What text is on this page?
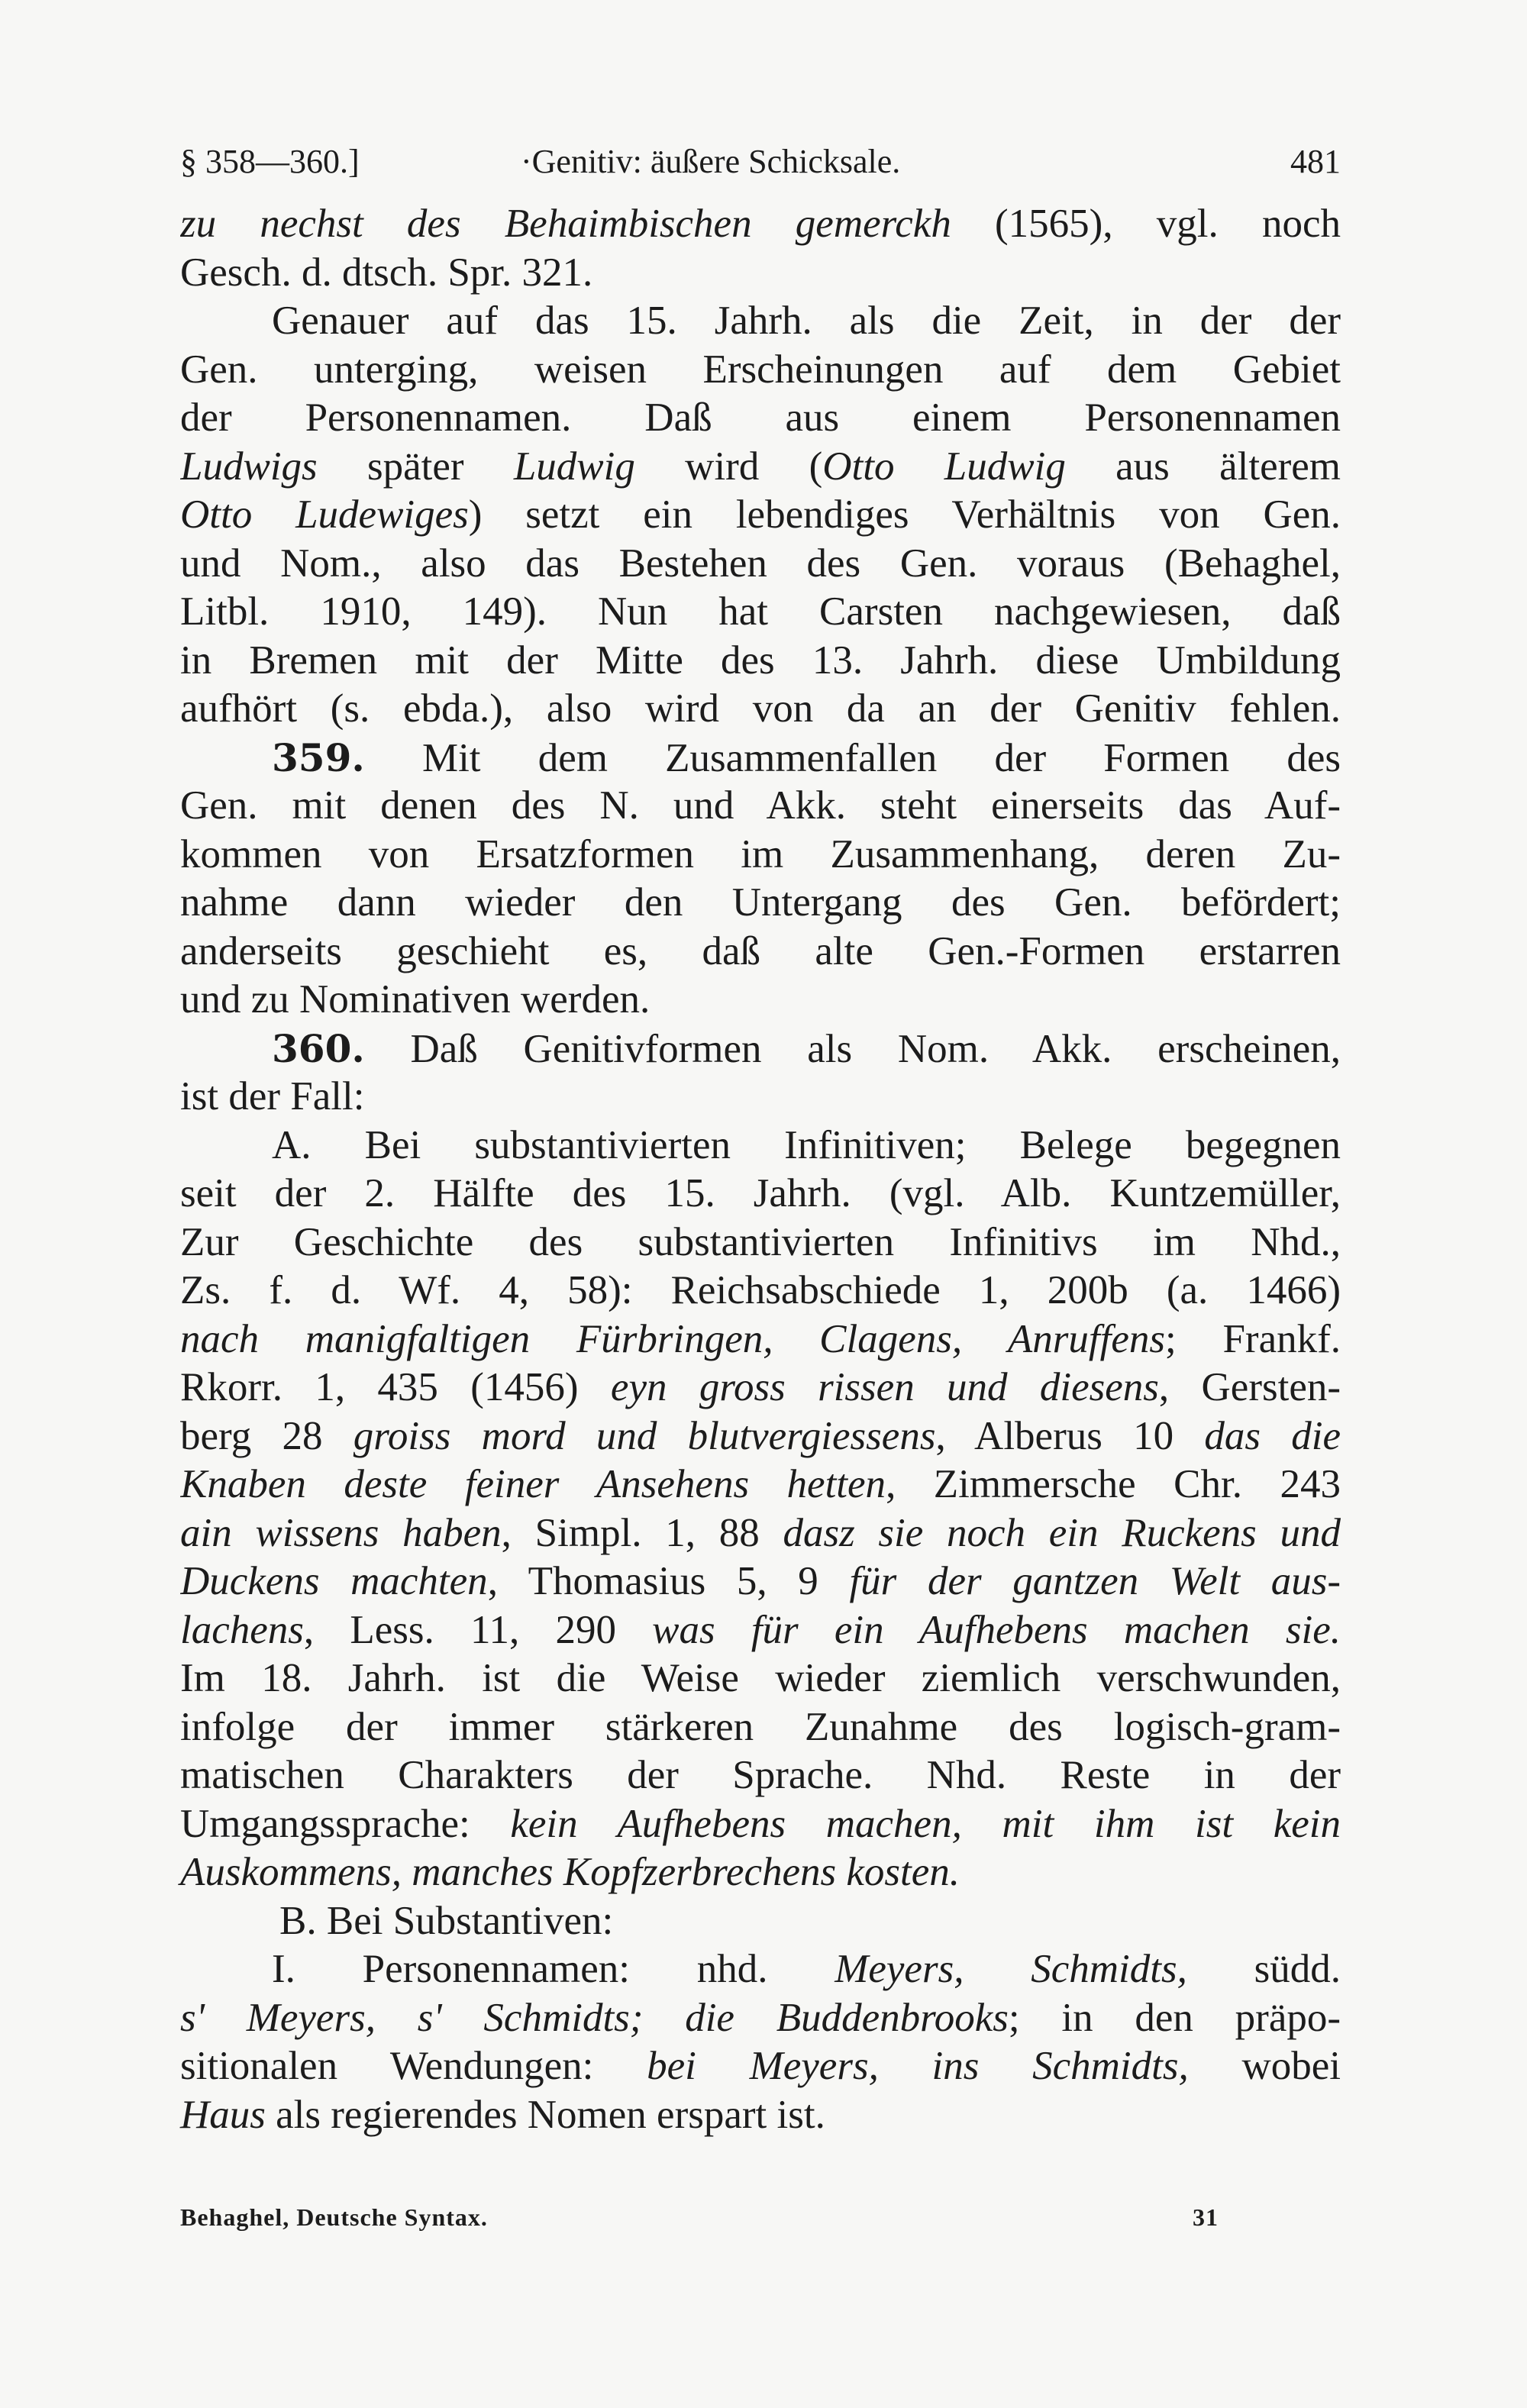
§ 358—360.]	·Genitiv: äußere Schicksale.	481
zu nechst des Behaimbischen gemerckh (1565), vgl. noch
Gesch. d. dtsch. Spr. 321.
Genauer auf das 15. Jahrh. als die Zeit, in der der
Gen. unterging, weisen Erscheinungen auf dem Gebiet
der Personennamen. Daß aus einem Personennamen
Ludwigs später Ludwig wird (Otto Ludwig aus älterem
Otto Ludewiges) setzt ein lebendiges Verhältnis von Gen.
und Nom., also das Bestehen des Gen. voraus (Behaghel,
Litbl. 1910, 149). Nun hat Carsten nachgewiesen, daß
in Bremen mit der Mitte des 13. Jahrh. diese Umbildung
aufhört (s. ebda.), also wird von da an der Genitiv fehlen.
359. Mit dem Zusammenfallen der Formen des
Gen. mit denen des N. und Akk. steht einerseits das Auf-
kommen von Ersatzformen im Zusammenhang, deren Zu-
nahme dann wieder den Untergang des Gen. befördert;
anderseits geschieht es, daß alte Gen.-Formen erstarren
und zu Nominativen werden.
360. Daß Genitivformen als Nom. Akk. erscheinen,
ist der Fall:
A. Bei substantivierten Infinitiven; Belege begegnen
seit der 2. Hälfte des 15. Jahrh. (vgl. Alb. Kuntzemüller,
Zur Geschichte des substantivierten Infinitivs im Nhd.,
Zs. f. d. Wf. 4, 58): Reichsabschiede 1, 200b (a. 1466)
nach manigfaltigen Fürbringen, Clagens, Anruffens; Frankf.
Rkorr. 1, 435 (1456) eyn gross rissen und diesens, Gersten-
berg 28 groiss mord und blutvergiessens, Alberus 10 das die
Knaben deste feiner Ansehens hetten, Zimmersche Chr. 243
ain wissens haben, Simpl. 1, 88 dasz sie noch ein Ruckens und
Duckens machten, Thomasius 5, 9 für der gantzen Welt aus-
lachens, Less. 11, 290 was für ein Aufhebens machen sie.
Im 18. Jahrh. ist die Weise wieder ziemlich verschwunden,
infolge der immer stärkeren Zunahme des logisch-gram-
matischen Charakters der Sprache. Nhd. Reste in der
Umgangssprache: kein Aufhebens machen, mit ihm ist kein
Auskommens, manches Kopfzerbrechens kosten.
B. Bei Substantiven:
I. Personennamen: nhd. Meyers, Schmidts, südd.
s' Meyers, s' Schmidts; die Buddenbrooks; in den präpo-
sitionalen Wendungen: bei Meyers, ins Schmidts, wobei
Haus als regierendes Nomen erspart ist.
Behaghel, Deutsche Syntax.	31
